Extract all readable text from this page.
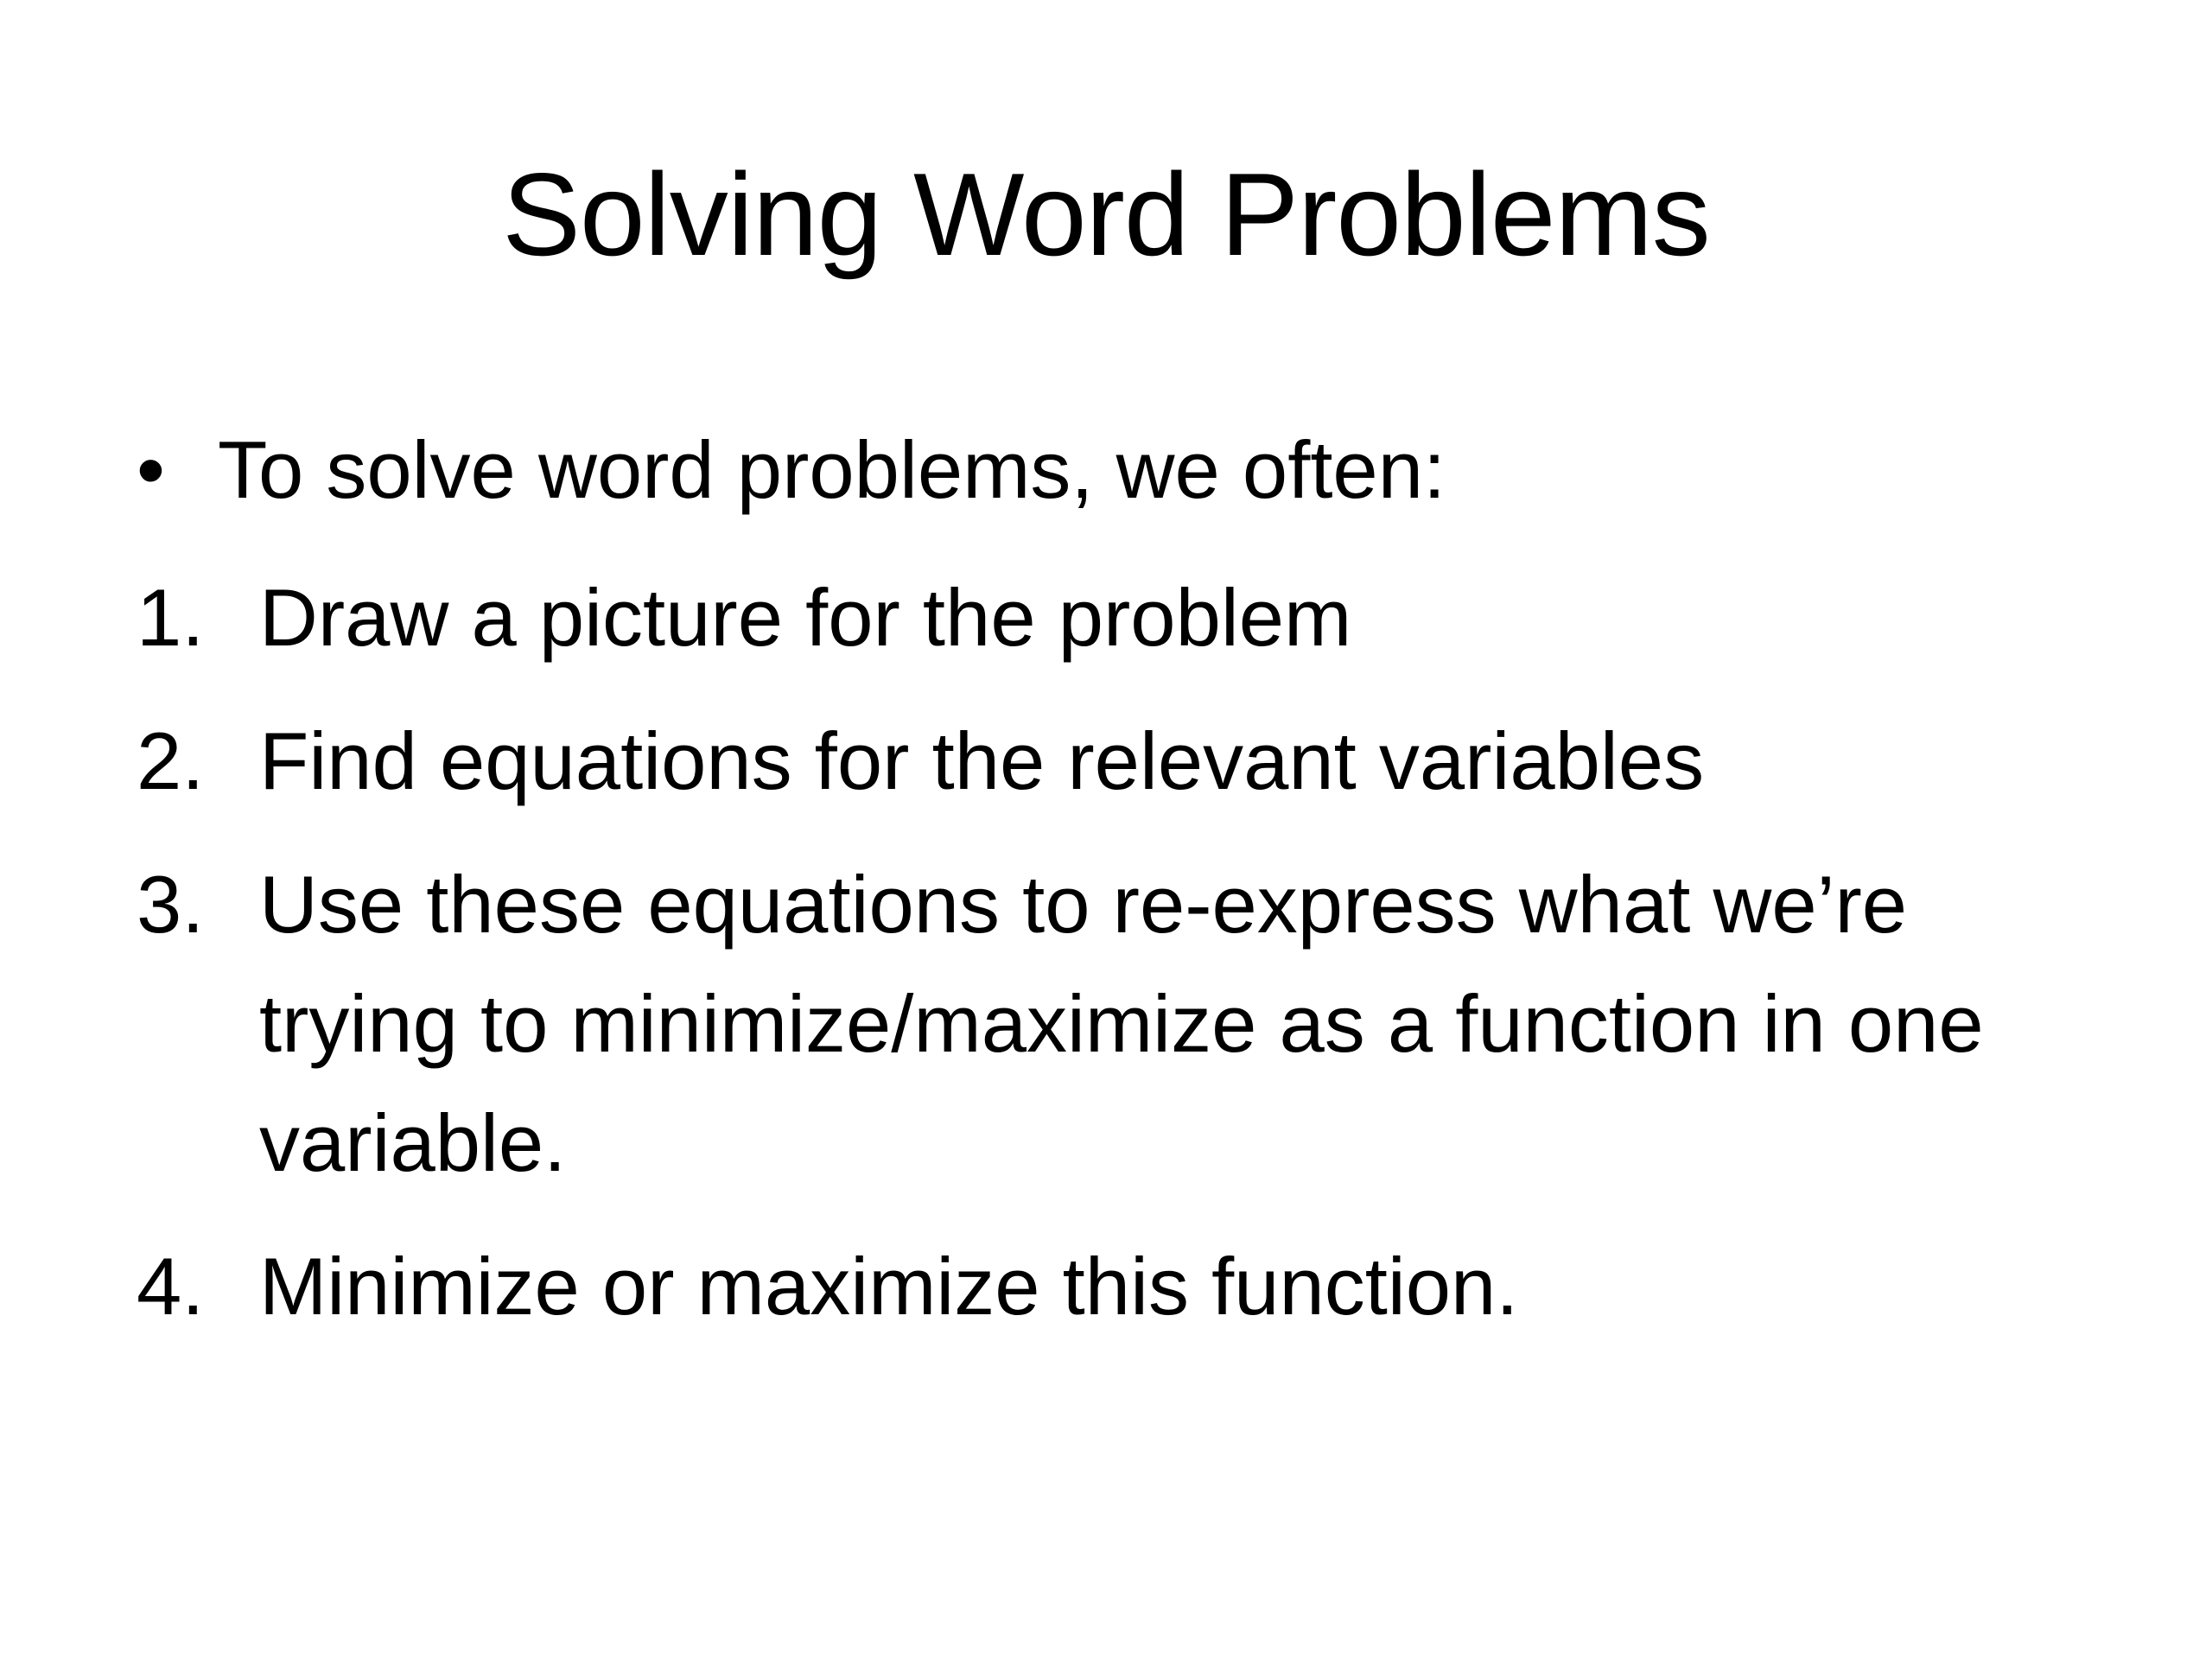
Solving Word Problems
• To solve word problems, we often:
1. Draw a picture for the problem
2. Find equations for the relevant variables
3. Use these equations to re-express what we’re trying to minimize/maximize as a function in one variable.
4. Minimize or maximize this function.
